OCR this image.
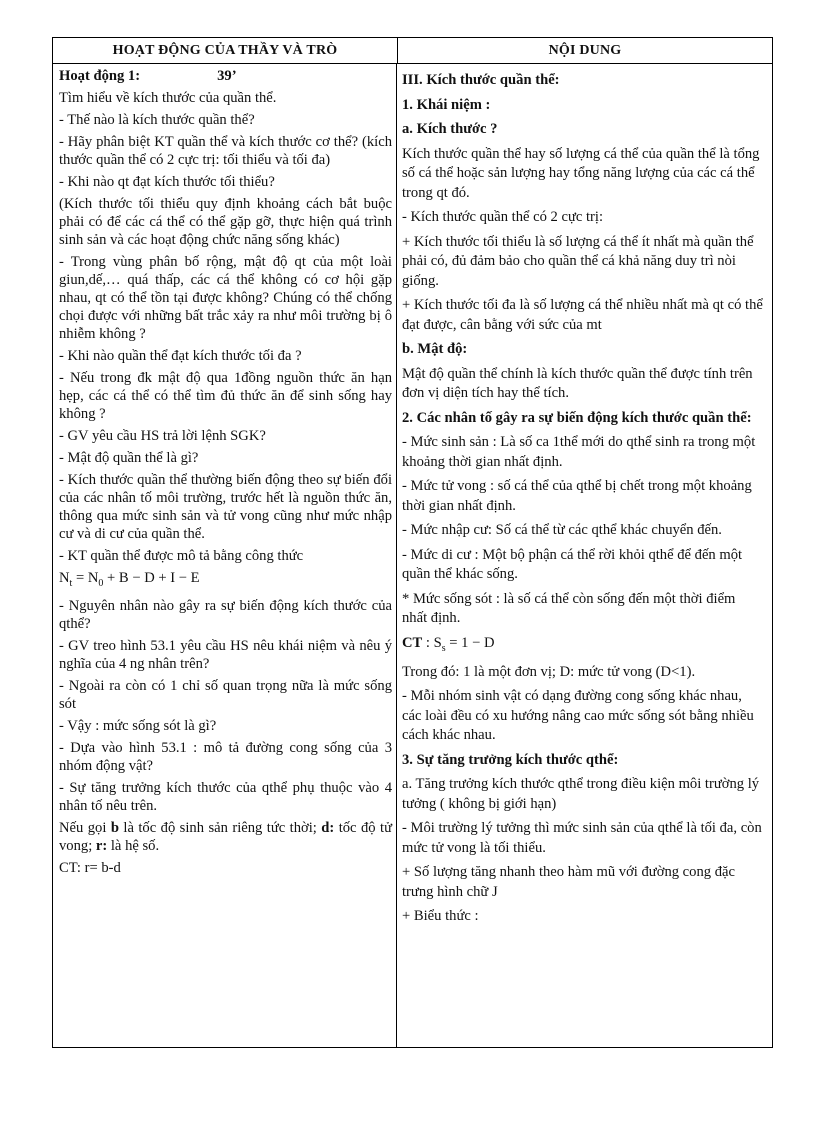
HOẠT ĐỘNG CỦA THẦY VÀ TRÒ	NỘI DUNG

Hoạt động 1:	39’

Tìm hiểu về kích thước của quần thể.

- Thế nào là kích thước quần thể?

- Hãy phân biệt KT quần thể và kích thước cơ thể? (kích thước quần thể có 2 cực trị: tối thiểu và tối đa)

- Khi nào qt đạt kích thước tối thiểu?

(Kích thước tối thiểu quy định khoảng cách bắt buộc phải có để các cá thể có thể gặp gỡ, thực hiện quá trình sinh sản và các hoạt động chức năng sống khác)

- Trong vùng phân bố rộng, mật độ qt của một loài giun,dế,… quá thấp, các cá thể không có cơ hội gặp nhau, qt có thể tồn tại được không? Chúng có thể chống chọi được với những bất trắc xảy ra như môi trường bị ô nhiễm không ?

- Khi nào quần thể đạt kích thước tối đa ?

- Nếu trong đk mật độ qua 1đồng nguồn thức ăn hạn hẹp, các cá thể có thể tìm đủ thức ăn để sinh sống hay không ?

- GV yêu cầu HS trả lời lệnh SGK?

- Mật độ quần thể là gì?

- Kích thước quần thể thường biến động theo sự biến đổi của các nhân tố môi trường, trước hết là nguồn thức ăn, thông qua mức sinh sản và tử vong cũng như mức nhập cư và di cư của quần thể.

- KT quần thể được mô tả bằng công thức

$N_t = N_0 + B - D + I - E$

- Nguyên nhân nào gây ra sự biến động kích thước của qthể?

- GV treo hình 53.1 yêu cầu HS nêu khái niệm và nêu ý nghĩa của 4 ng nhân trên?

- Ngoài ra còn có 1 chỉ số quan trọng nữa là mức sống sót

- Vậy : mức sống sót là gì?

- Dựa vào hình 53.1 : mô tả đường cong sống của 3 nhóm động vật?

- Sự tăng trưởng kích thước của qthể phụ thuộc vào 4 nhân tố nêu trên.

Nếu gọi b là tốc độ sinh sản riêng tức thời; d: tốc độ tử vong; r: là hệ số.

CT: r= b-d

III. Kích thước quần thể:

1. Khái niệm :

a. Kích thước ?

Kích thước quần thể hay số lượng cá thể của quần thể là tổng số cá thể hoặc sản lượng hay tổng năng lượng của các cá thể trong qt đó.

- Kích thước quần thể có 2 cực trị:

+ Kích thước tối thiểu là số lượng cá thể ít nhất mà quần thể phải có, đủ đảm bảo cho quần thể cá khả năng duy trì nòi giống.

+ Kích thước tối đa là số lượng cá thể nhiều nhất mà qt có thể đạt được, cân bằng với sức của mt

b. Mật độ:

Mật độ quần thể chính là kích thước quần thể được tính trên đơn vị diện tích hay thể tích.

2. Các nhân tố gây ra sự biến động kích thước quần thể:

- Mức sinh sản : Là số ca 1thể mới do qthể sinh ra trong một khoảng thời gian nhất định.

- Mức tử vong : số cá thể của qthể bị chết trong một khoảng thời gian nhất định.

- Mức nhập cư: Số cá thể từ các qthể khác chuyển đến.

- Mức di cư : Một bộ phận cá thể rời khỏi qthể để đến một quần thể khác sống.

* Mức sống sót : là số cá thể còn sống đến một thời điểm nhất định.

CT : $S_s = 1 - D$

Trong đó: 1 là một đơn vị; D: mức tử vong (D<1).

- Mỗi nhóm sinh vật có dạng đường cong sống khác nhau, các loài đều có xu hướng nâng cao mức sống sót bằng nhiều cách khác nhau.

3. Sự tăng trưởng kích thước qthể:

a. Tăng trưởng kích thước qthể trong điều kiện môi trường lý tưởng ( không bị giới hạn)

- Môi trường lý tưởng thì mức sinh sản của qthể là tối đa, còn mức tử vong là tối thiểu.

+ Số lượng tăng nhanh theo hàm mũ với đường cong đặc trưng hình chữ J

+ Biểu thức :
